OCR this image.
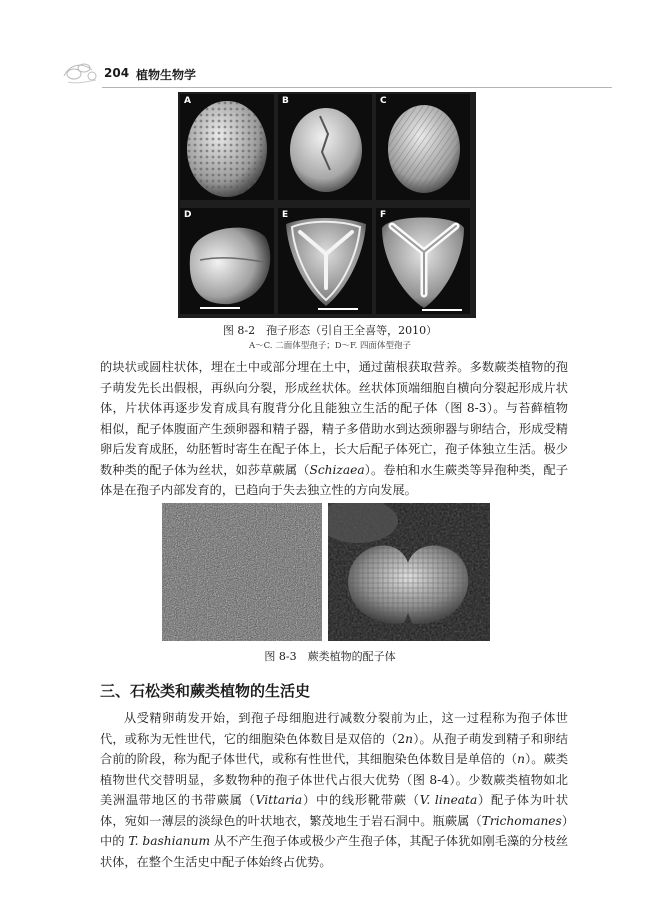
204 植物生物学
A	B	C
D	E	F
图 8-2　孢子形态（引自王全喜等，2010）
A～C. 二面体型孢子；D～F. 四面体型孢子

的块状或圆柱状体，埋在土中或部分埋在土中，通过菌根获取营养。多数蕨类植物的孢子萌发先长出假根，再纵向分裂，形成丝状体。丝状体顶端细胞自横向分裂起形成片状体，片状体再逐步发育成具有腹背分化且能独立生活的配子体（图 8-3）。与苔藓植物相似，配子体腹面产生颈卵器和精子器，精子多借助水到达颈卵器与卵结合，形成受精卵后发育成胚，幼胚暂时寄生在配子体上，长大后配子体死亡，孢子体独立生活。极少数种类的配子体为丝状，如莎草蕨属（Schizaea）。卷柏和水生蕨类等异孢种类，配子体是在孢子内部发育的，已趋向于失去独立性的方向发展。

图 8-3　蕨类植物的配子体
三、石松类和蕨类植物的生活史

从受精卵萌发开始，到孢子母细胞进行减数分裂前为止，这一过程称为孢子体世代，或称为无性世代，它的细胞染色体数目是双倍的（2n）。从孢子萌发到精子和卵结合前的阶段，称为配子体世代，或称有性世代，其细胞染色体数目是单倍的（n）。蕨类植物世代交替明显，多数物种的孢子体世代占很大优势（图 8-4）。少数蕨类植物如北美洲温带地区的书带蕨属（Vittaria）中的线形靴带蕨（V. lineata）配子体为叶状体，宛如一薄层的淡绿色的叶状地衣，繁茂地生于岩石洞中。瓶蕨属（Trichomanes）中的 T. bashianum 从不产生孢子体或极少产生孢子体，其配子体犹如刚毛藻的分枝丝状体，在整个生活史中配子体始终占优势。
